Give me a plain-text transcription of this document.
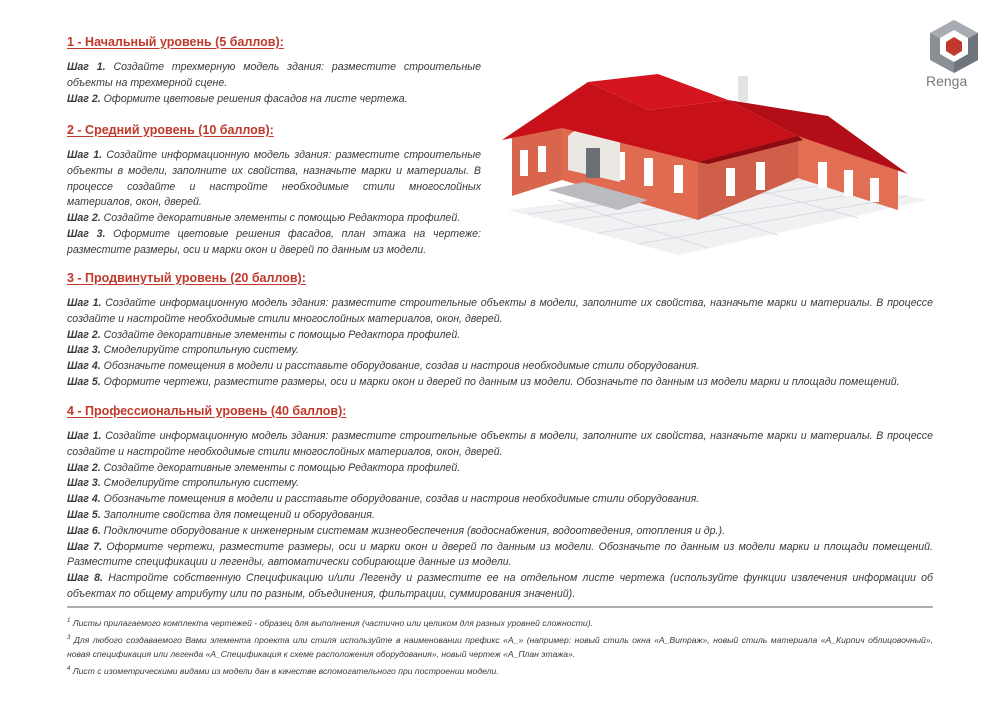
Renga
1 - Начальный уровень (5 баллов):

Шаг 1. Создайте трехмерную модель здания: разместите строительные объекты на трехмерной сцене.

Шаг 2. Оформите цветовые решения фасадов на листе чертежа.

2 - Средний уровень (10 баллов):

Шаг 1. Создайте информационную модель здания: разместите строительные объекты в модели, заполните их свойства, назначьте марки и материалы. В процессе создайте и настройте необходимые стили многослойных материалов, окон, дверей.

Шаг 2. Создайте декоративные элементы с помощью Редактора профилей.

Шаг 3. Оформите цветовые решения фасадов, план этажа на чертеже: разместите размеры, оси и марки окон и дверей по данным из модели.

3 - Продвинутый уровень (20 баллов):

Шаг 1. Создайте информационную модель здания: разместите строительные объекты в модели, заполните их свойства, назначьте марки и материалы. В процессе создайте и настройте необходимые стили многослойных материалов, окон, дверей.

Шаг 2. Создайте декоративные элементы с помощью Редактора профилей.

Шаг 3. Смоделируйте стропильную систему.

Шаг 4. Обозначьте помещения в модели и расставьте оборудование, создав и настроив необходимые стили оборудования.

Шаг 5. Оформите чертежи, разместите размеры, оси и марки окон и дверей по данным из модели. Обозначьте по данным из модели марки и площади помещений.

4 - Профессиональный уровень (40 баллов):

Шаг 1. Создайте информационную модель здания: разместите строительные объекты в модели, заполните их свойства, назначьте марки и материалы. В процессе создайте и настройте необходимые стили многослойных материалов, окон, дверей.

Шаг 2. Создайте декоративные элементы с помощью Редактора профилей.

Шаг 3. Смоделируйте стропильную систему.

Шаг 4. Обозначьте помещения в модели и расставьте оборудование, создав и настроив необходимые стили оборудования.

Шаг 5. Заполните свойства для помещений и оборудования.

Шаг 6. Подключите оборудование к инженерным системам жизнеобеспечения (водоснабжения, водоотведения, отопления и др.).

Шаг 7. Оформите чертежи, разместите размеры, оси и марки окон и дверей по данным из модели. Обозначьте по данным из модели марки и площади помещений. Разместите спецификации и легенды, автоматически собирающие данные из модели.

Шаг 8. Настройте собственную Спецификацию и/или Легенду и разместите ее на отдельном листе чертежа (используйте функции извлечения информации об объектах по общему атрибуту или по разным, объединения, фильтрации, суммирования значений).

$^1$ Листы прилагаемого комплекта чертежей - образец для выполнения (частично или целиком для разных уровней сложности).

$^3$ Для любого создаваемого Вами элемента проекта или стиля используйте в наименовании префикс «А_» (например: новый стиль окна «А_Витраж», новый стиль материала «А_Кирпич облицовочный», новая спецификация или легенда «А_Спецификация к схеме расположения оборудования», новый чертеж «А_План этажа».

$^4$ Лист с изометрическими видами из модели дан в качестве вспомогательного при построении модели.
